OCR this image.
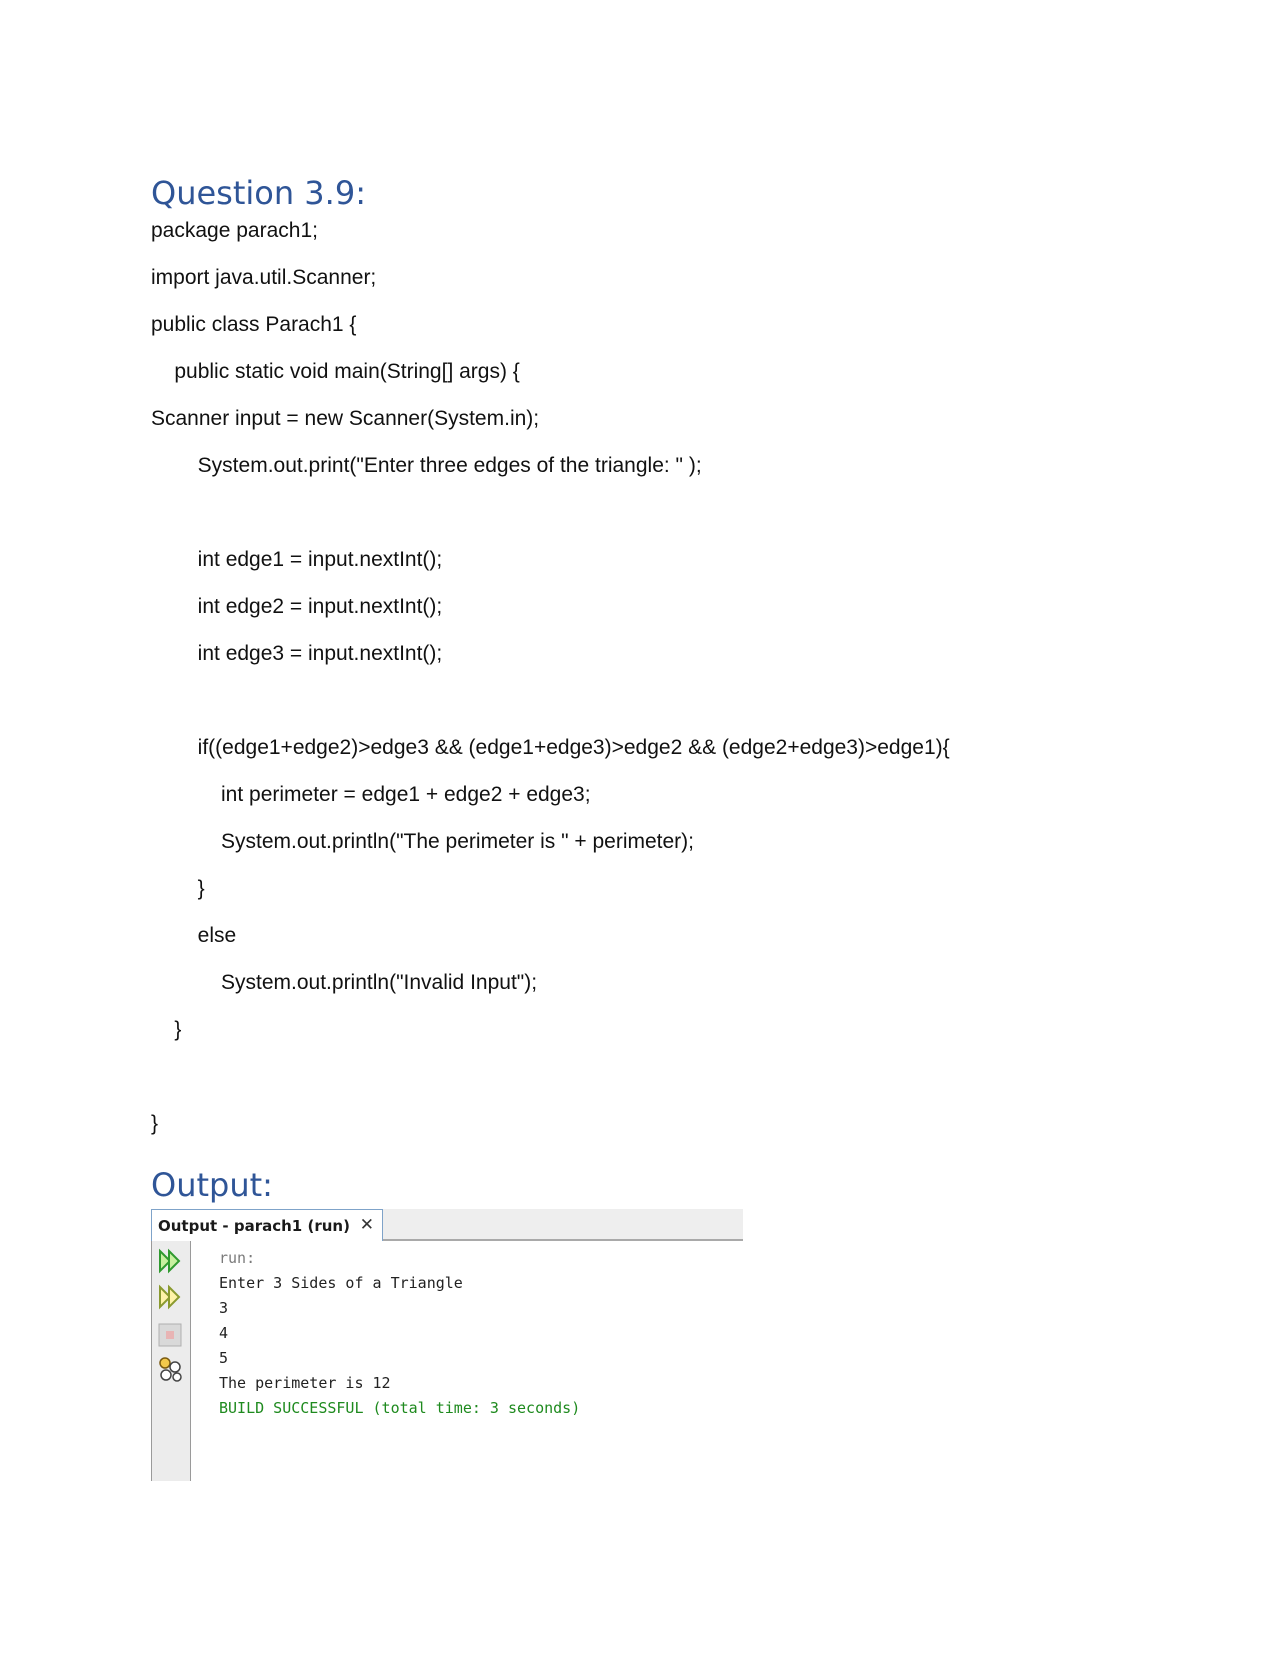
Question 3.9:
package parach1;
import java.util.Scanner;
public class Parach1 {
public static void main(String[] args) {
Scanner input = new Scanner(System.in);
System.out.print("Enter three edges of the triangle: " );
int edge1 = input.nextInt();
int edge2 = input.nextInt();
int edge3 = input.nextInt();
if((edge1+edge2)>edge3 && (edge1+edge3)>edge2 && (edge2+edge3)>edge1){
int perimeter = edge1 + edge2 + edge3;
System.out.println("The perimeter is " + perimeter);
}
else
System.out.println("Invalid Input");
}
}
Output:
Output - parach1 (run) ✕
run:
Enter 3 Sides of a Triangle
3
4
5
The perimeter is 12
BUILD SUCCESSFUL (total time: 3 seconds)
